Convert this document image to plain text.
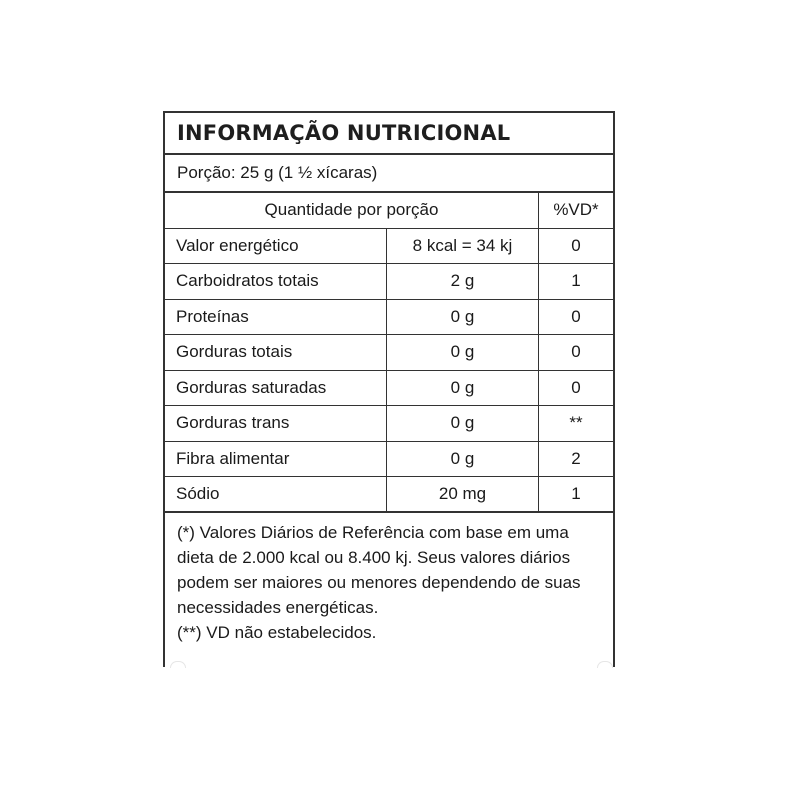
INFORMAÇÃO NUTRICIONAL
Porção: 25 g (1 ½ xícaras)
Quantidade por porção	%VD*
Valor energético	8 kcal = 34 kj	0
Carboidratos totais	2 g	1
Proteínas	0 g	0
Gorduras totais	0 g	0
Gorduras saturadas	0 g	0
Gorduras trans	0 g	**
Fibra alimentar	0 g	2
Sódio	20 mg	1

(*) Valores Diários de Referência com base em uma dieta de 2.000 kcal ou 8.400 kj. Seus valores diários podem ser maiores ou menores dependendo de suas necessidades energéticas.

(**) VD não estabelecidos.
